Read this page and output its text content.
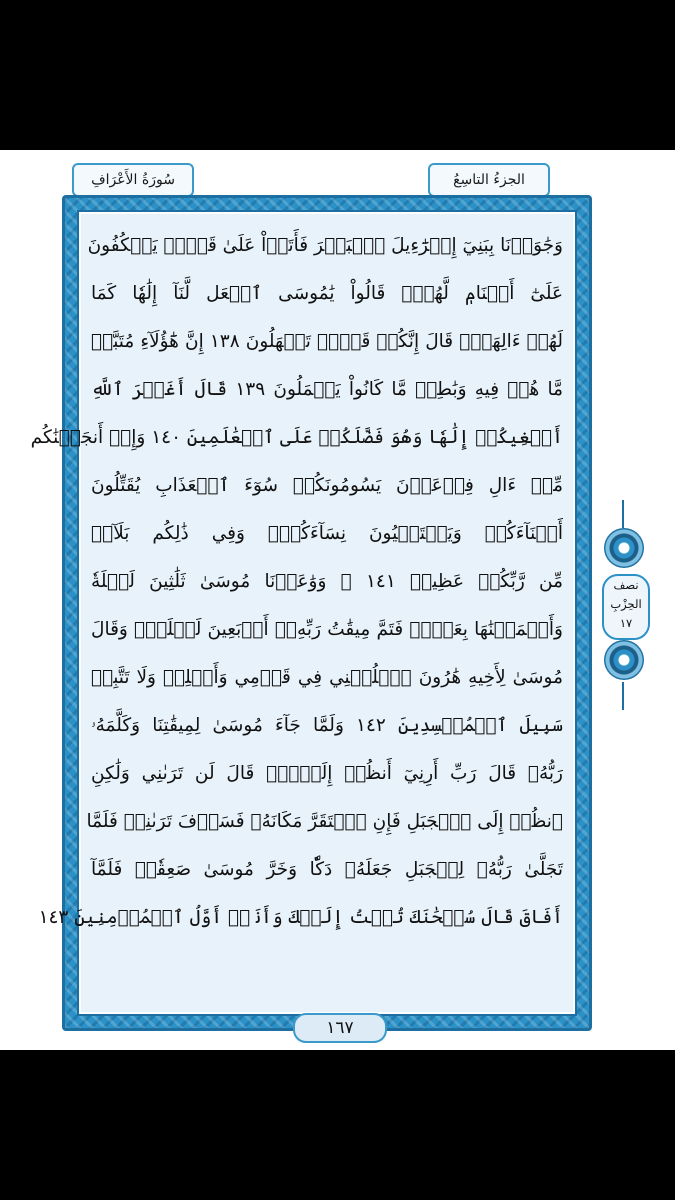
الجزءُ التاسِعُ
سُورَةُ الأَعْرَافِ
وَجَٰوَزۡنَا بِبَنِيٓ إِسۡرَٰٓءِيلَ ٱلۡبَحۡرَ فَأَتَوۡاْ عَلَىٰ قَوۡمٖ يَعۡكُفُونَ
عَلَىٰٓ أَصۡنَامٖ لَّهُمۡۚ قَالُواْ يَٰمُوسَى ٱجۡعَل لَّنَآ إِلَٰهٗا كَمَا
لَهُمۡ ءَالِهَةٞۚ قَالَ إِنَّكُمۡ قَوۡمٞ تَجۡهَلُونَ ١٣٨ إِنَّ هَٰٓؤُلَآءِ مُتَبَّرٞ
مَّا هُمۡ فِيهِ وَبَٰطِلٞ مَّا كَانُواْ يَعۡمَلُونَ ١٣٩ قَالَ أَغَيۡرَ ٱللَّهِ
أَبۡغِيكُمۡ إِلَٰهٗا وَهُوَ فَضَّلَكُمۡ عَلَى ٱلۡعَٰلَمِينَ ١٤٠ وَإِذۡ أَنجَيۡنَٰكُم
مِّنۡ ءَالِ فِرۡعَوۡنَ يَسُومُونَكُمۡ سُوٓءَ ٱلۡعَذَابِ يُقَتِّلُونَ
أَبۡنَآءَكُمۡ وَيَسۡتَحۡيُونَ نِسَآءَكُمۡۚ وَفِي ذَٰلِكُم بَلَآءٞ
مِّن رَّبِّكُمۡ عَظِيمٞ ١٤١ ۞ وَوَٰعَدۡنَا مُوسَىٰ ثَلَٰثِينَ لَيۡلَةٗ
وَأَتۡمَمۡنَٰهَا بِعَشۡرٖ فَتَمَّ مِيقَٰتُ رَبِّهِۦٓ أَرۡبَعِينَ لَيۡلَةٗۚ وَقَالَ
مُوسَىٰ لِأَخِيهِ هَٰرُونَ ٱخۡلُفۡنِي فِي قَوۡمِي وَأَصۡلِحۡ وَلَا تَتَّبِعۡ
سَبِيلَ ٱلۡمُفۡسِدِينَ ١٤٢ وَلَمَّا جَآءَ مُوسَىٰ لِمِيقَٰتِنَا وَكَلَّمَهُۥ
رَبُّهُۥ قَالَ رَبِّ أَرِنِيٓ أَنظُرۡ إِلَيۡكَۚ قَالَ لَن تَرَىٰنِي وَلَٰكِنِ
ٱنظُرۡ إِلَى ٱلۡجَبَلِ فَإِنِ ٱسۡتَقَرَّ مَكَانَهُۥ فَسَوۡفَ تَرَىٰنِيۚ فَلَمَّا
تَجَلَّىٰ رَبُّهُۥ لِلۡجَبَلِ جَعَلَهُۥ دَكّٗا وَخَرَّ مُوسَىٰ صَعِقٗاۚ فَلَمَّآ
أَفَاقَ قَالَ سُبۡحَٰنَكَ تُبۡتُ إِلَيۡكَ وَأَنَا۠ أَوَّلُ ٱلۡمُؤۡمِنِينَ ١٤٣
١٦٧
نصف
الحِزْبِ
١٧
